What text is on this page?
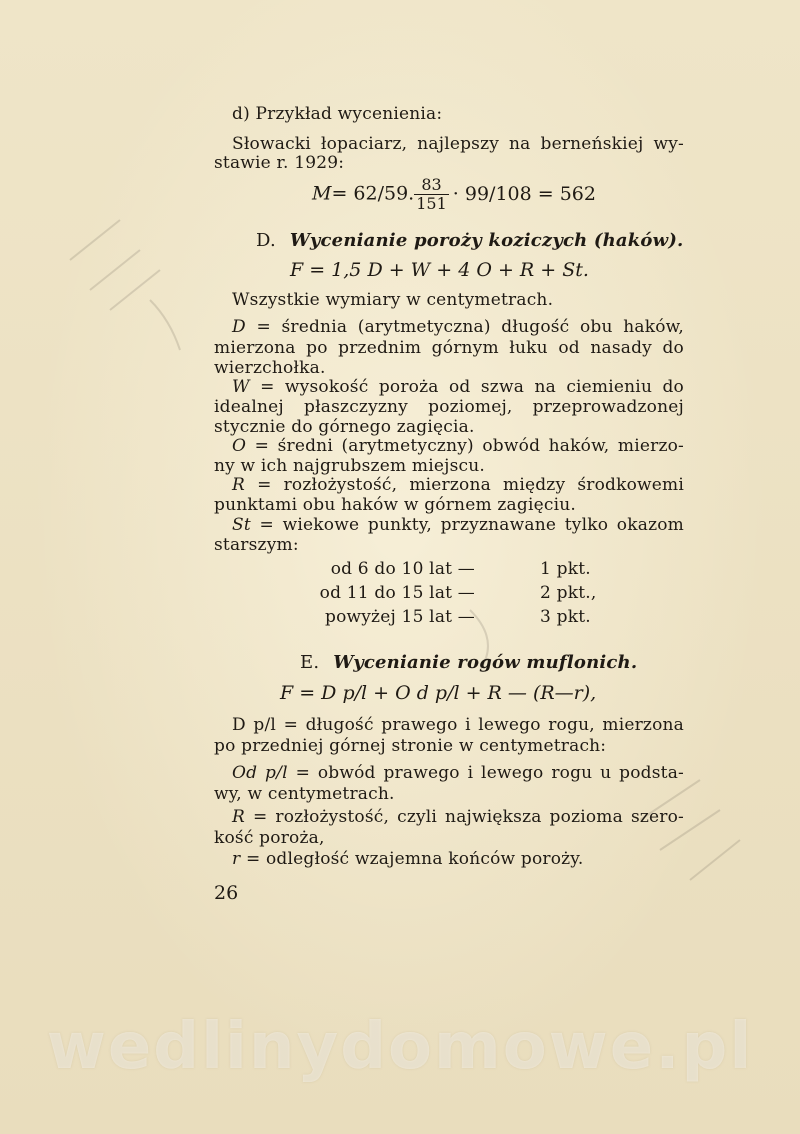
d) Przykład wycenienia:
Słowacki łopaciarz, najlepszy na berneńskiej wy-
stawie r. 1929:
M= 62/59. $\frac{83}{151} \cdot 99/108 = 562$
D. Wycenianie poroży koziczych (haków).
F = 1,5 D + W + 4 O + R + St.
Wszystkie wymiary w centymetrach.
D = średnia (arytmetyczna) długość obu haków,
mierzona po przednim górnym łuku od nasady do
wierzchołka.
W = wysokość poroża od szwa na ciemieniu do
idealnej płaszczyzny poziomej, przeprowadzonej
stycznie do górnego zagięcia.
O = średni (arytmetyczny) obwód haków, mierzo-
ny w ich najgrubszem miejscu.
R = rozłożystość, mierzona między środkowemi
punktami obu haków w górnem zagięciu.
St = wiekowe punkty, przyznawane tylko okazom
starszym:
od 6 do 10 lat —	1 pkt.
od 11 do 15 lat —	2 pkt.,
powyżej 15 lat —	3 pkt.
E. Wycenianie rogów muflonich.
F = D p/l + O d p/l + R — (R—r),
D p/l = długość prawego i lewego rogu, mierzona
po przedniej górnej stronie w centymetrach:
Od p/l = obwód prawego i lewego rogu u podsta-
wy, w centymetrach.
R = rozłożystość, czyli największa pozioma szero-
kość poroża,
r = odległość wzajemna końców poroży.
26
wedlinydomowe.pl
